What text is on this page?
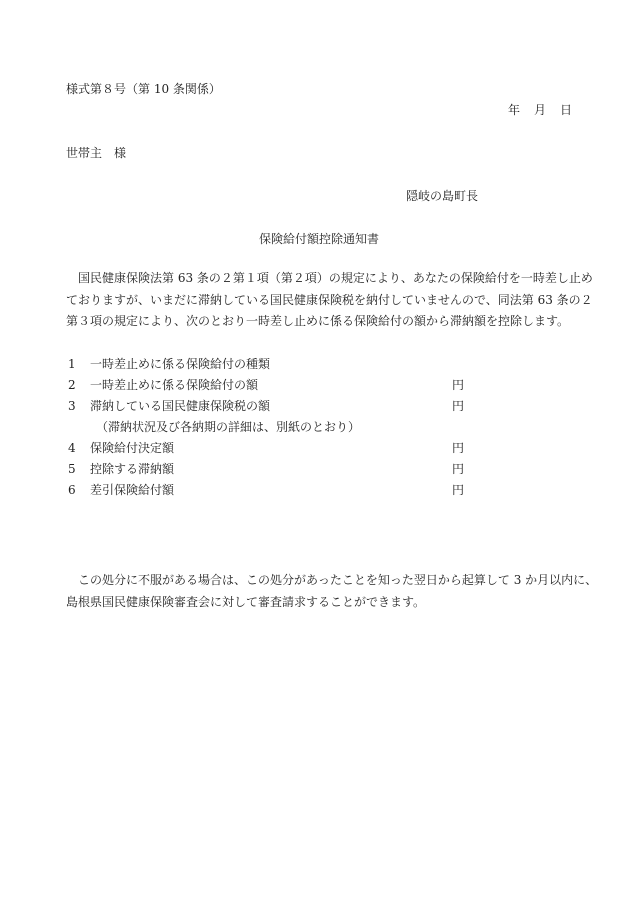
様式第８号（第 10 条関係）
年 月 日
世帯主　様
隠岐の島町長
保険給付額控除通知書
国民健康保険法第 63 条の２第１項（第２項）の規定により、あなたの保険給付を一時差し止め
ておりますが、いまだに滞納している国民健康保険税を納付していませんので、同法第 63 条の２
第３項の規定により、次のとおり一時差し止めに係る保険給付の額から滞納額を控除します。
1 一時差止めに係る保険給付の種類
2 一時差止めに係る保険給付の額	円
3 滞納している国民健康保険税の額	円
（滞納状況及び各納期の詳細は、別紙のとおり）
4 保険給付決定額	円
5 控除する滞納額	円
6 差引保険給付額	円
この処分に不服がある場合は、この処分があったことを知った翌日から起算して 3 か月以内に、
島根県国民健康保険審査会に対して審査請求することができます。
